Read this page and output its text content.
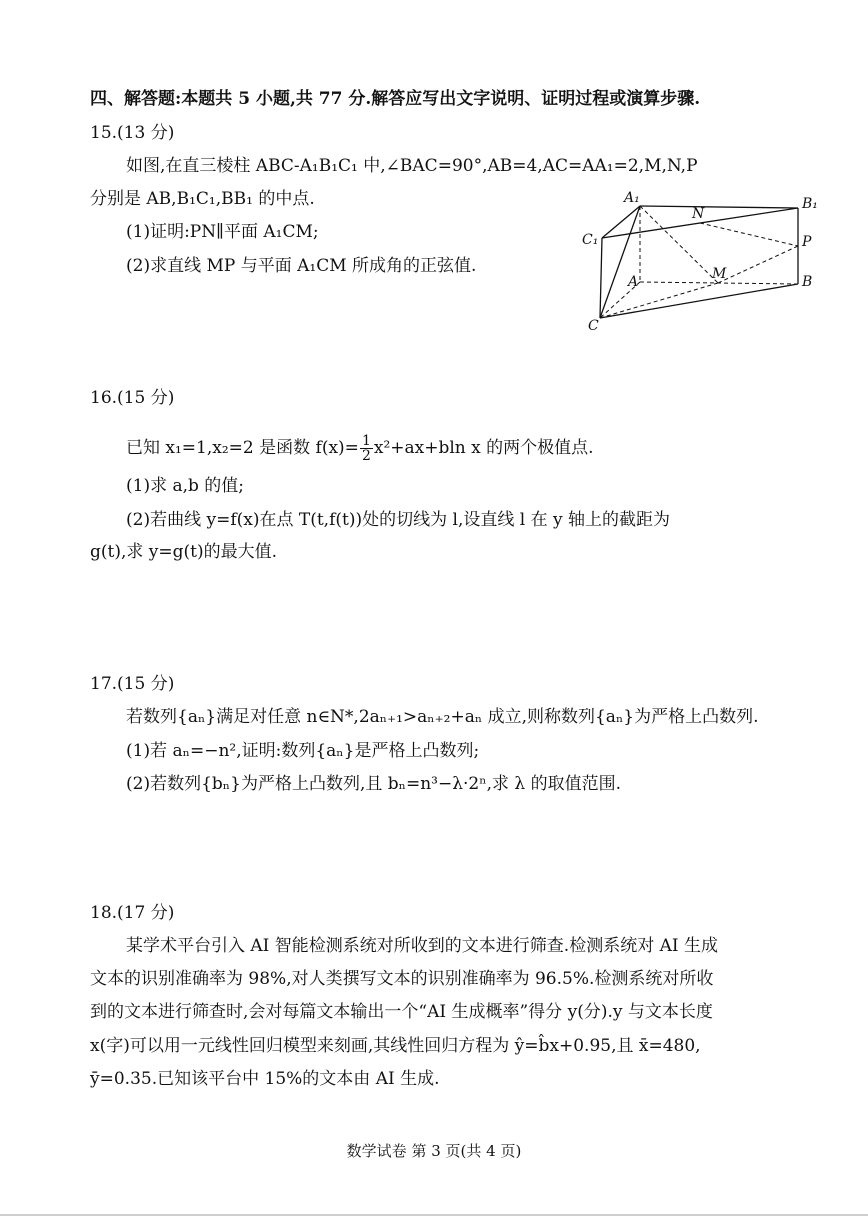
四、解答题:本题共 5 小题,共 77 分.解答应写出文字说明、证明过程或演算步骤.
15.(13 分)
如图,在直三棱柱 ABC-A₁B₁C₁ 中,∠BAC=90°,AB=4,AC=AA₁=2,M,N,P
分别是 AB,B₁C₁,BB₁ 的中点.
(1)证明:PN∥平面 A₁CM;
(2)求直线 MP 与平面 A₁CM 所成角的正弦值.
A₁
N
B₁
C₁	P
A	M	B
C
16.(15 分)
已知 x₁=1,x₂=2 是函数 $f(x)= \frac{1}{2} x^2+ax+bln$ x 的两个极值点.
(1)求 a,b 的值;
(2)若曲线 y=f(x)在点 T(t,f(t))处的切线为 l,设直线 l 在 y 轴上的截距为
g(t),求 y=g(t)的最大值.
17.(15 分)
若数列{aₙ}满足对任意 n∈N*,2aₙ₊₁>aₙ₊₂+aₙ 成立,则称数列{aₙ}为严格上凸数列.
(1)若 aₙ=−n²,证明:数列{aₙ}是严格上凸数列;
(2)若数列{bₙ}为严格上凸数列,且 bₙ=n³−λ·2ⁿ,求 λ 的取值范围.
18.(17 分)
某学术平台引入 AI 智能检测系统对所收到的文本进行筛查.检测系统对 AI 生成
文本的识别准确率为 98%,对人类撰写文本的识别准确率为 96.5%.检测系统对所收
到的文本进行筛查时,会对每篇文本输出一个“AI 生成概率”得分 y(分).y 与文本长度
x(字)可以用一元线性回归模型来刻画,其线性回归方程为 ŷ=b̂x+0.95,且 x̄=480,
ȳ=0.35.已知该平台中 15%的文本由 AI 生成.
数学试卷 第 3 页(共 4 页)
